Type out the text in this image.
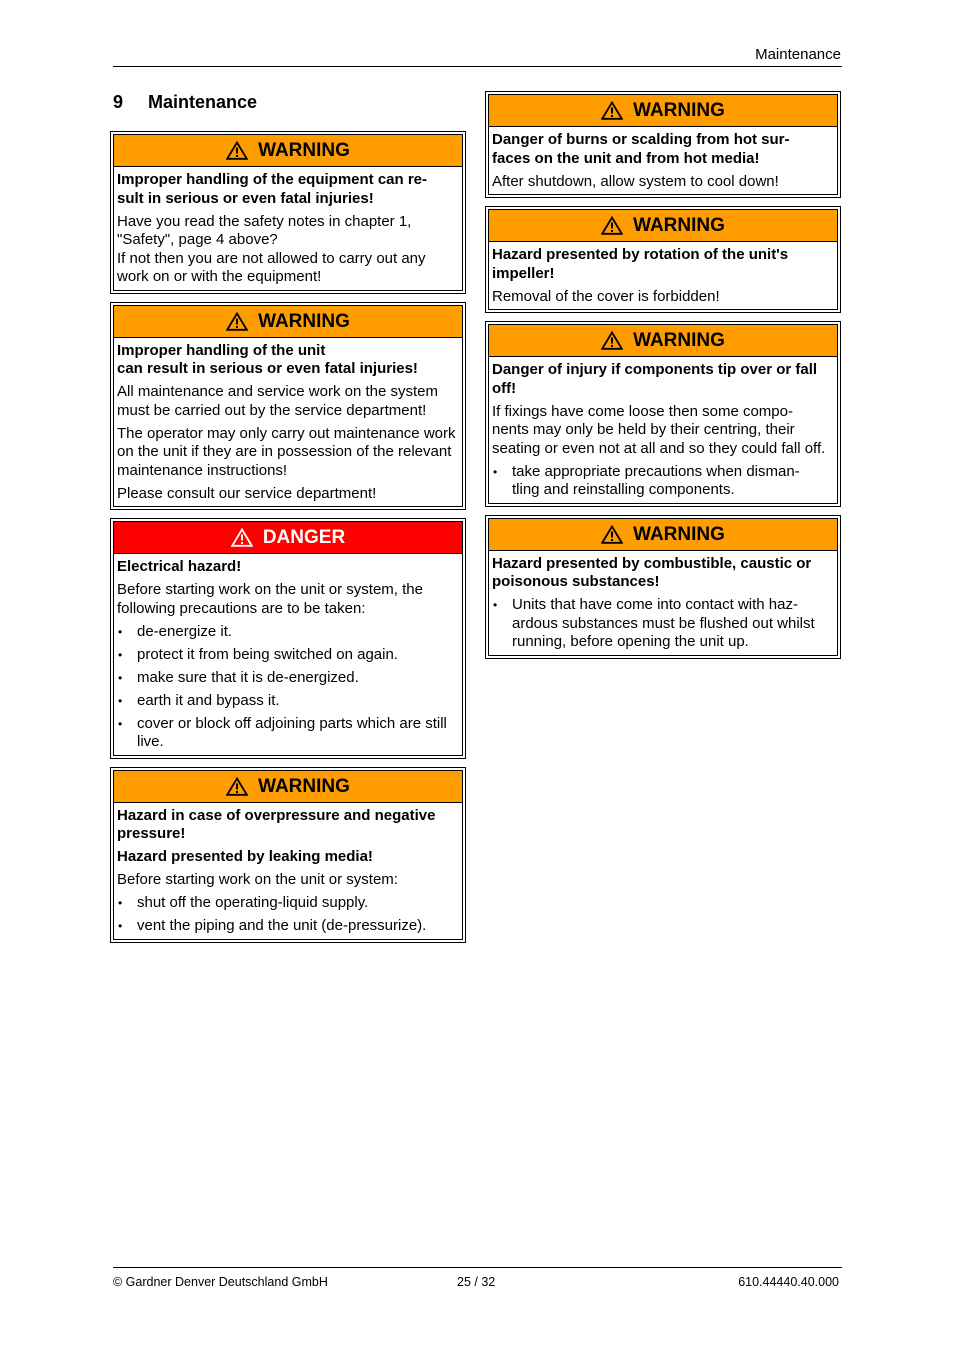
Maintenance
9 Maintenance
WARNING

Improper handling of the equipment can re-
sult in serious or even fatal injuries!

Have you read the safety notes in chapter 1, "Safety", page 4 above?
If not then you are not allowed to carry out any work on or with the equipment!

WARNING

Improper handling of the unit
can result in serious or even fatal injuries!

All maintenance and service work on the system must be carried out by the service department!

The operator may only carry out maintenance work on the unit if they are in possession of the relevant maintenance instructions!

Please consult our service department!

DANGER

Electrical hazard!

Before starting work on the unit or system, the following precautions are to be taken:

• de-energize it.
• protect it from being switched on again.
• make sure that it is de-energized.
• earth it and bypass it.
• cover or block off adjoining parts which are still live.
WARNING

Hazard in case of overpressure and negative pressure!

Hazard presented by leaking media!

Before starting work on the unit or system:

• shut off the operating-liquid supply.
• vent the piping and the unit (de-pressurize).
WARNING

Danger of burns or scalding from hot sur-
faces on the unit and from hot media!

After shutdown, allow system to cool down!

WARNING

Hazard presented by rotation of the unit's impeller!

Removal of the cover is forbidden!

WARNING

Danger of injury if components tip over or fall off!

If fixings have come loose then some compo-
nents may only be held by their centring, their seating or even not at all and so they could fall off.

• take appropriate precautions when disman-
tling and reinstalling components.
WARNING

Hazard presented by combustible, caustic or poisonous substances!

• Units that have come into contact with haz-
ardous substances must be flushed out whilst running, before opening the unit up.
© Gardner Denver Deutschland GmbH	25 / 32	610.44440.40.000
